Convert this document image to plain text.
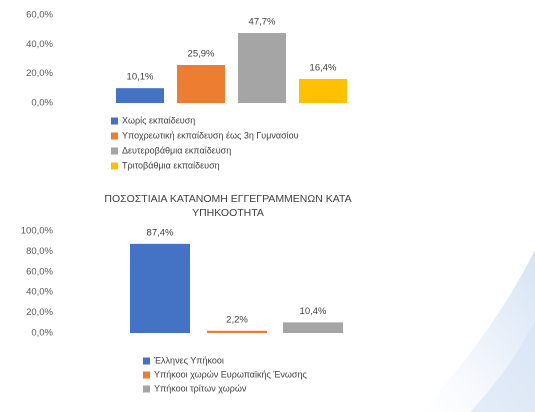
0,0%
20,0%
40,0%
60,0%
10,1%
25,9%
47,7%
16,4%
Χωρίς εκπαίδευση
Υποχρεωτική εκπαίδευση έως 3η Γυμνασίου
Δευτεροβάθμια εκπαίδευση
Τριτοβάθμια εκπαίδευση
ΠΟΣΟΣΤΙΑΙΑ ΚΑΤΑΝΟΜΗ ΕΓΓΕΓΡΑΜΜΕΝΩΝ ΚΑΤΑ
ΥΠΗΚΟΟΤΗΤΑ
0,0%
20,0%
40,0%
60,0%
80,0%
100,0%	87,4%
2,2%
10,4%
Έλληνες Υπήκοοι
Υπήκοοι χωρών Ευρωπαϊκής Ένωσης
Υπήκοοι τρίτων χωρών
